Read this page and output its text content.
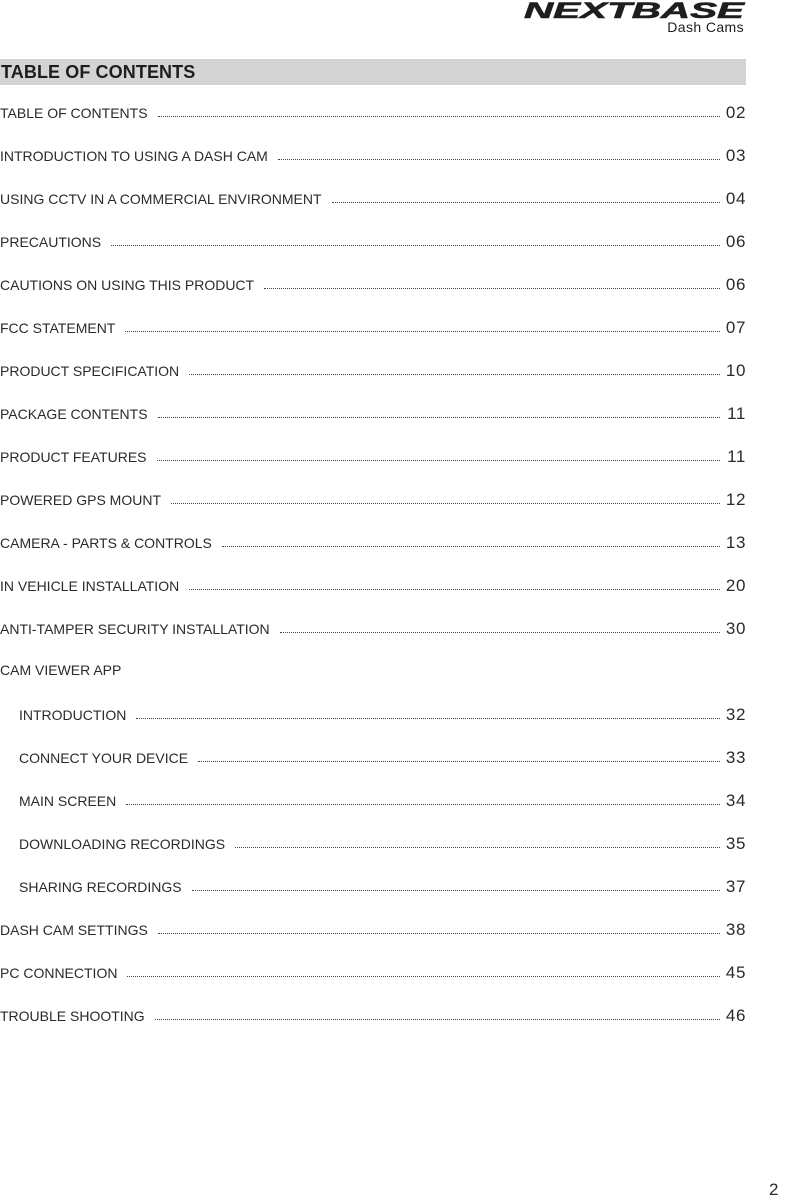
NEXTBASE
Dash Cams
TABLE OF CONTENTS
TABLE OF CONTENTS	02
INTRODUCTION TO USING A DASH CAM	03
USING CCTV IN A COMMERCIAL ENVIRONMENT	04
PRECAUTIONS	06
CAUTIONS ON USING THIS PRODUCT	06
FCC STATEMENT	07
PRODUCT SPECIFICATION	10
PACKAGE CONTENTS	11
PRODUCT FEATURES	11
POWERED GPS MOUNT	12
CAMERA - PARTS & CONTROLS	13
IN VEHICLE INSTALLATION	20
ANTI-TAMPER SECURITY INSTALLATION	30
CAM VIEWER APP
INTRODUCTION	32
CONNECT YOUR DEVICE	33
MAIN SCREEN	34
DOWNLOADING RECORDINGS	35
SHARING RECORDINGS	37
DASH CAM SETTINGS	38
PC CONNECTION	45
TROUBLE SHOOTING	46
2
